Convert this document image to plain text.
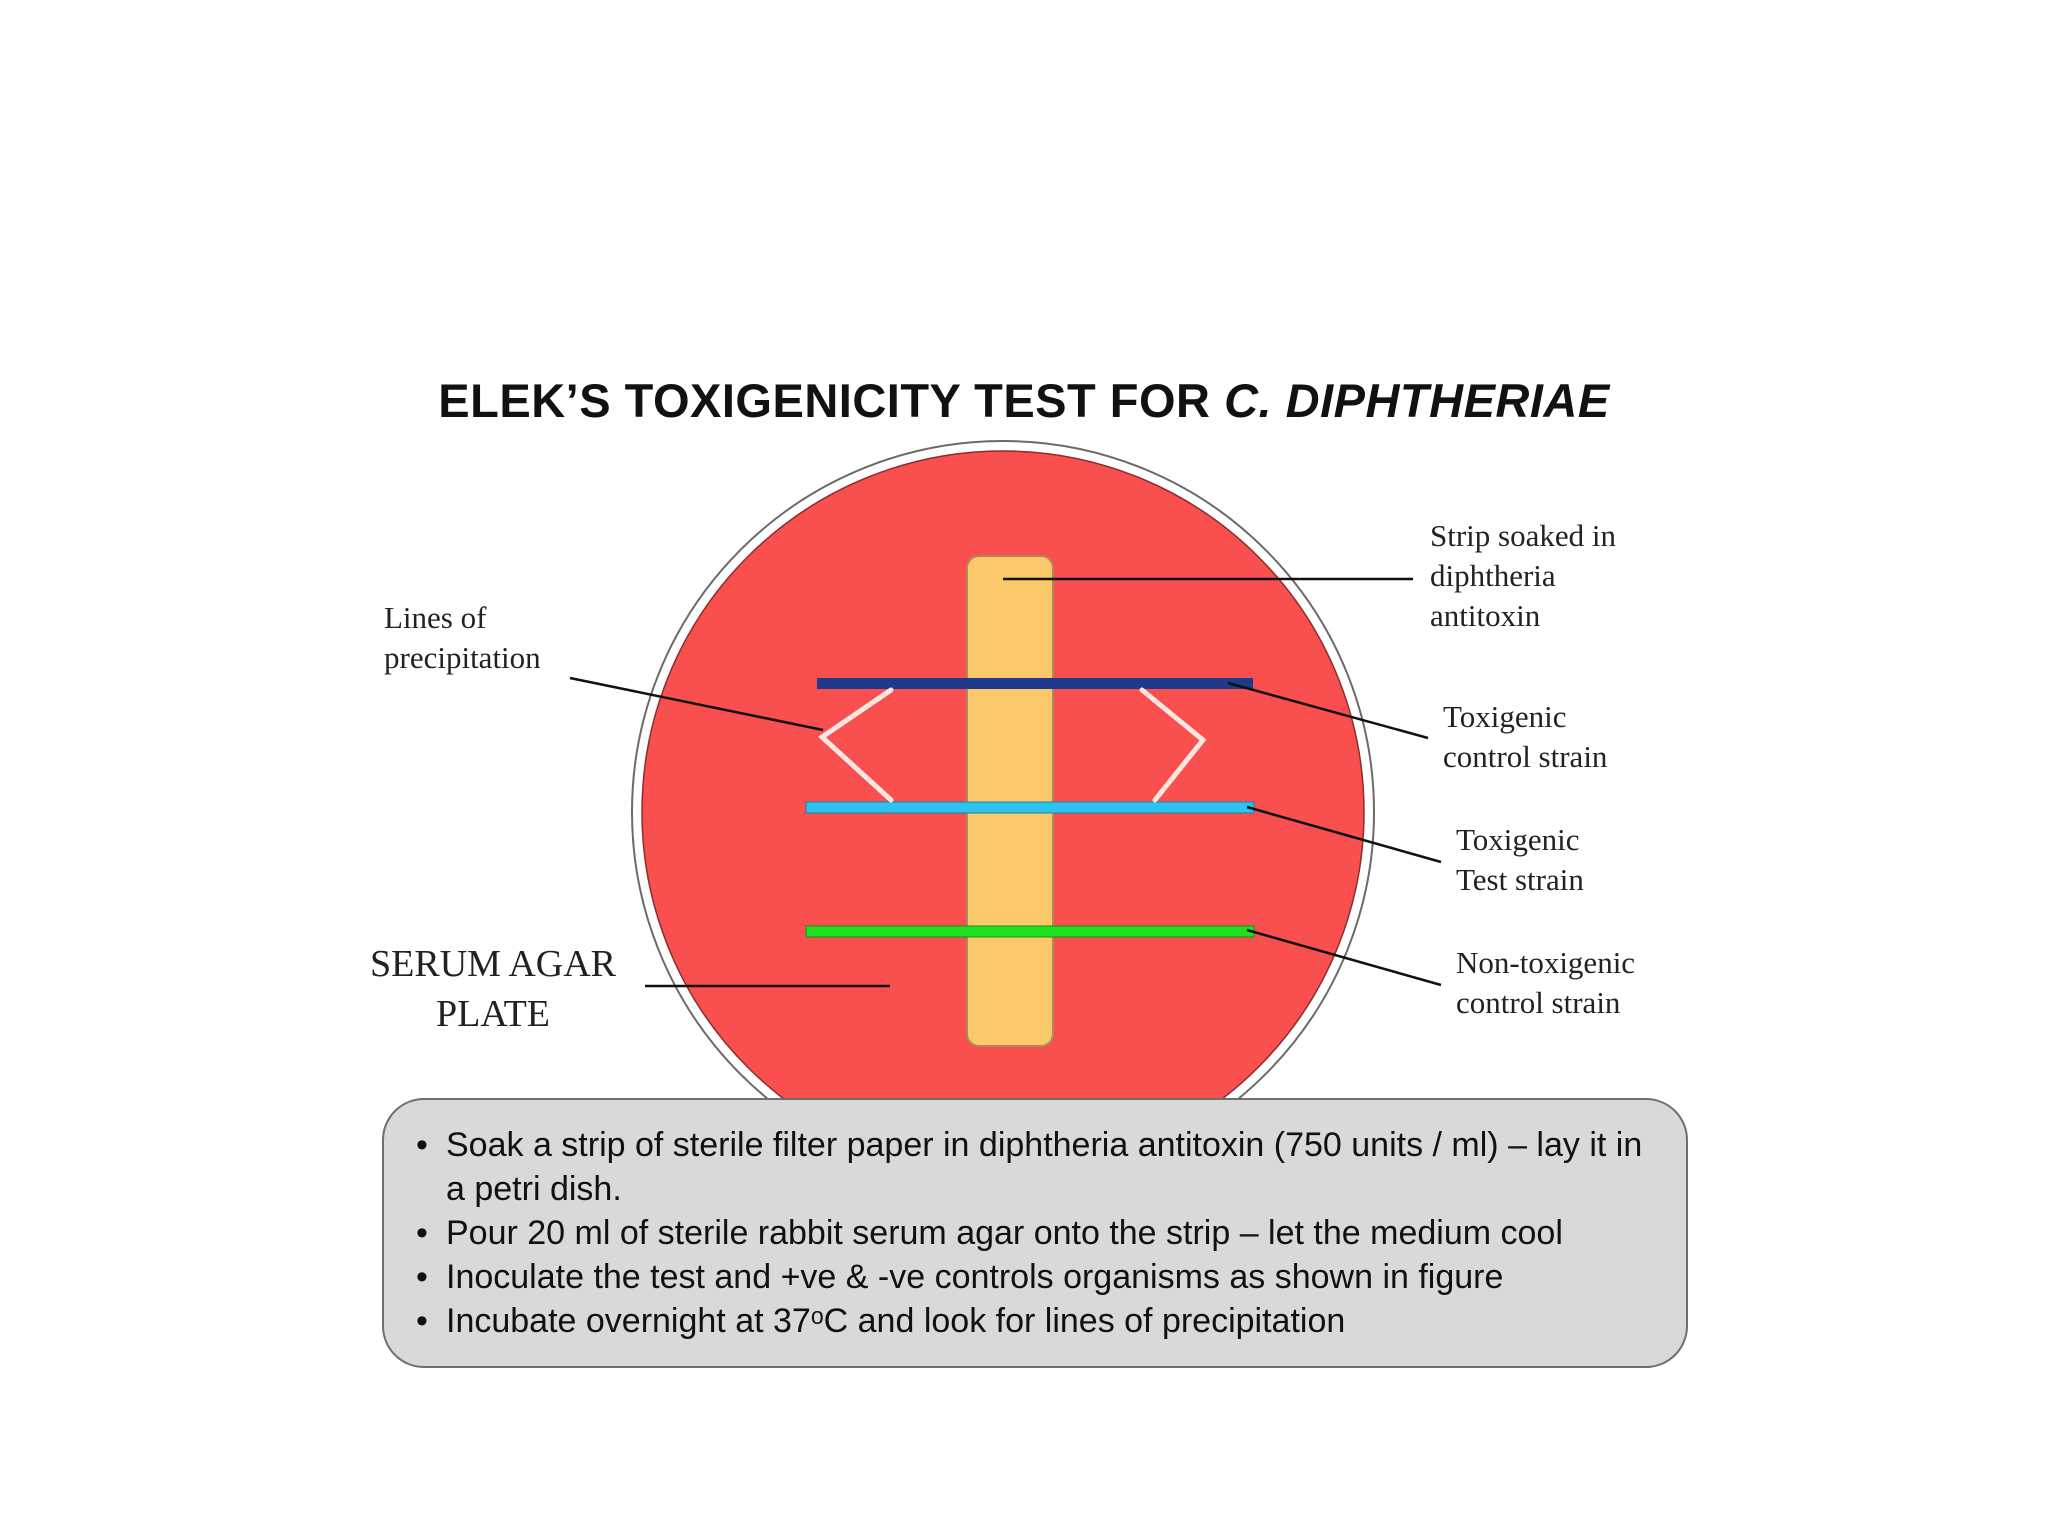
ELEK’S TOXIGENICITY TEST FOR C. DIPHTHERIAE
Strip soaked in
diphtheria
antitoxin
Lines of
precipitation
Toxigenic
control strain
Toxigenic
Test strain
Non-toxigenic
control strain
SERUM AGAR
PLATE
• Soak a strip of sterile filter paper in diphtheria antitoxin (750 units / ml) – lay it in a petri dish.
• Pour 20 ml of sterile rabbit serum agar onto the strip – let the medium cool
• Inoculate the test and +ve & -ve controls organisms as shown in figure
• Incubate overnight at 37ᵒC and look for lines of precipitation
